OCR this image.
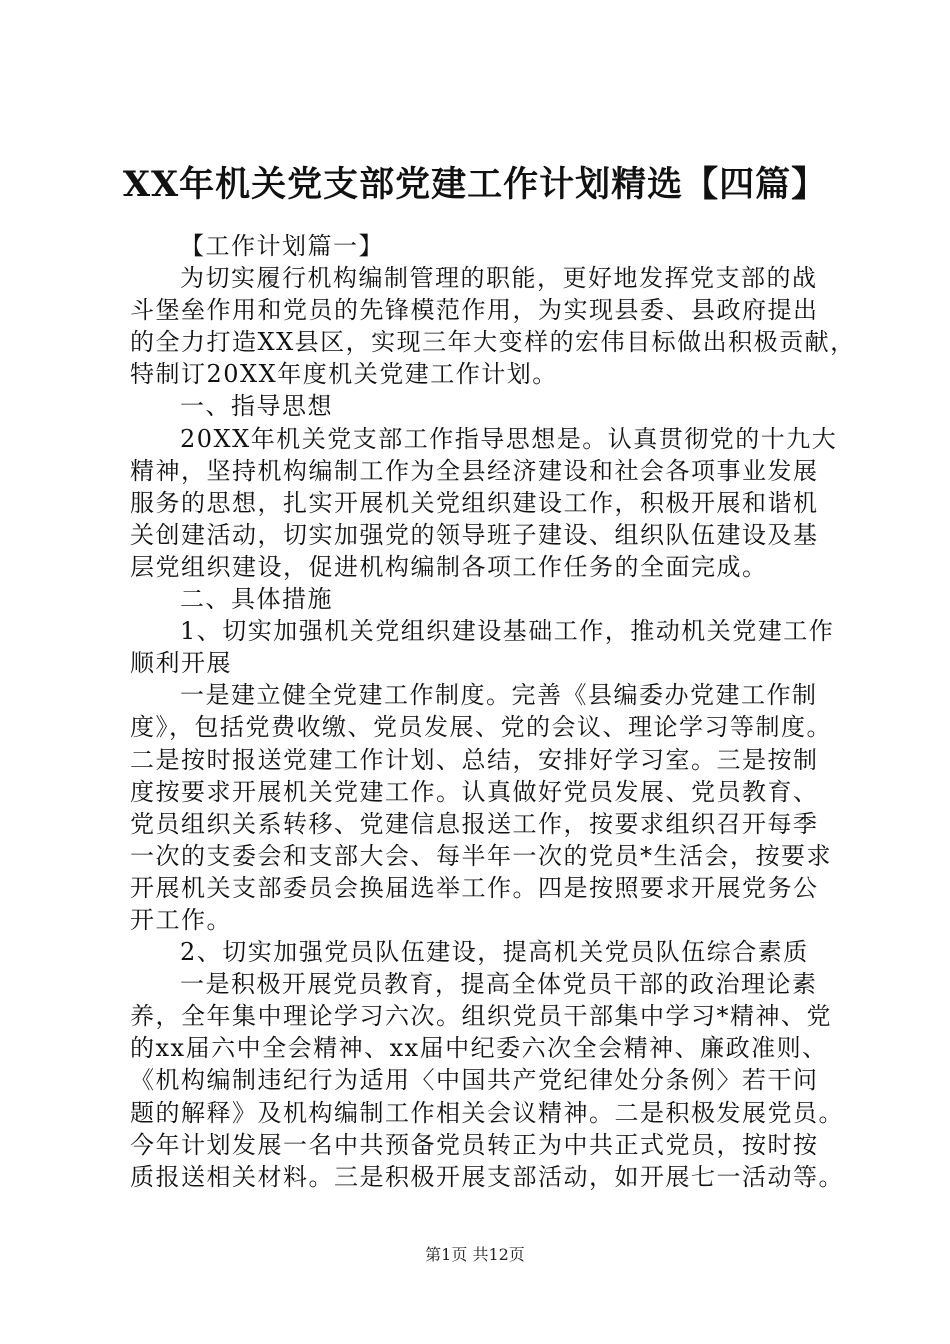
XX年机关党支部党建工作计划精选【四篇】
【工作计划篇一】
为切实履行机构编制管理的职能，更好地发挥党支部的战
斗堡垒作用和党员的先锋模范作用，为实现县委、县政府提出
的全力打造XX县区，实现三年大变样的宏伟目标做出积极贡献，
特制订20XX年度机关党建工作计划。
一、指导思想
20XX年机关党支部工作指导思想是。认真贯彻党的十九大
精神，坚持机构编制工作为全县经济建设和社会各项事业发展
服务的思想，扎实开展机关党组织建设工作，积极开展和谐机
关创建活动，切实加强党的领导班子建设、组织队伍建设及基
层党组织建设，促进机构编制各项工作任务的全面完成。
二、具体措施
1、切实加强机关党组织建设基础工作，推动机关党建工作
顺利开展
一是建立健全党建工作制度。完善《县编委办党建工作制
度》，包括党费收缴、党员发展、党的会议、理论学习等制度。
二是按时报送党建工作计划、总结，安排好学习室。三是按制
度按要求开展机关党建工作。认真做好党员发展、党员教育、
党员组织关系转移、党建信息报送工作，按要求组织召开每季
一次的支委会和支部大会、每半年一次的党员*生活会，按要求
开展机关支部委员会换届选举工作。四是按照要求开展党务公
开工作。
2、切实加强党员队伍建设，提高机关党员队伍综合素质
一是积极开展党员教育，提高全体党员干部的政治理论素
养，全年集中理论学习六次。组织党员干部集中学习*精神、党
的xx届六中全会精神、xx届中纪委六次全会精神、廉政准则、
《机构编制违纪行为适用〈中国共产党纪律处分条例〉若干问
题的解释》及机构编制工作相关会议精神。二是积极发展党员。
今年计划发展一名中共预备党员转正为中共正式党员，按时按
质报送相关材料。三是积极开展支部活动，如开展七一活动等。
第1页 共12页
